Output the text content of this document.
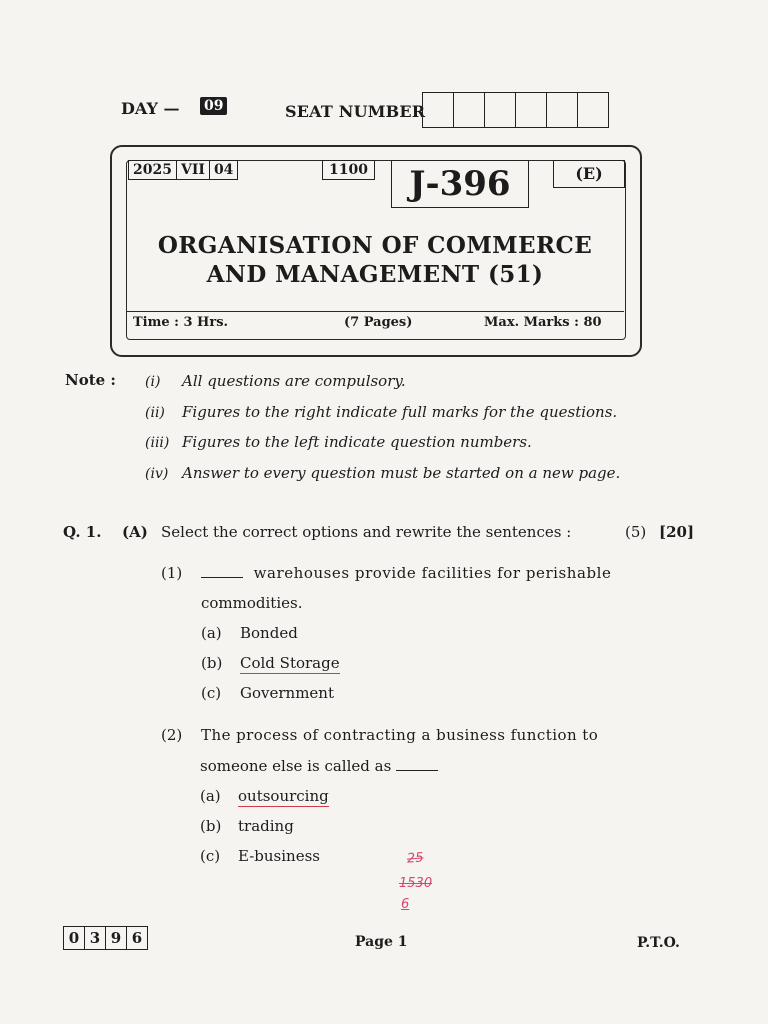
DAY — 09	SEAT NUMBER
2025 VII 04	1100	J-396	(E)
ORGANISATION OF COMMERCE
AND MANAGEMENT (51)
Time : 3 Hrs.	(7 Pages)	Max. Marks : 80
Note : (i) All questions are compulsory.
(ii) Figures to the right indicate full marks for the questions.
(iii) Figures to the left indicate question numbers.
(iv) Answer to every question must be started on a new page.
Q. 1. (A) Select the correct options and rewrite the sentences :	(5) [20]
(1)	warehouses provide facilities for perishable
commodities.
(a) Bonded
(b) Cold Storage
(c) Government
(2) The process of contracting a business function to
someone else is called as
(a) outsourcing
(b) trading
(c) E-business	25
1530
6
0 3 9 6	Page 1	P.T.O.
